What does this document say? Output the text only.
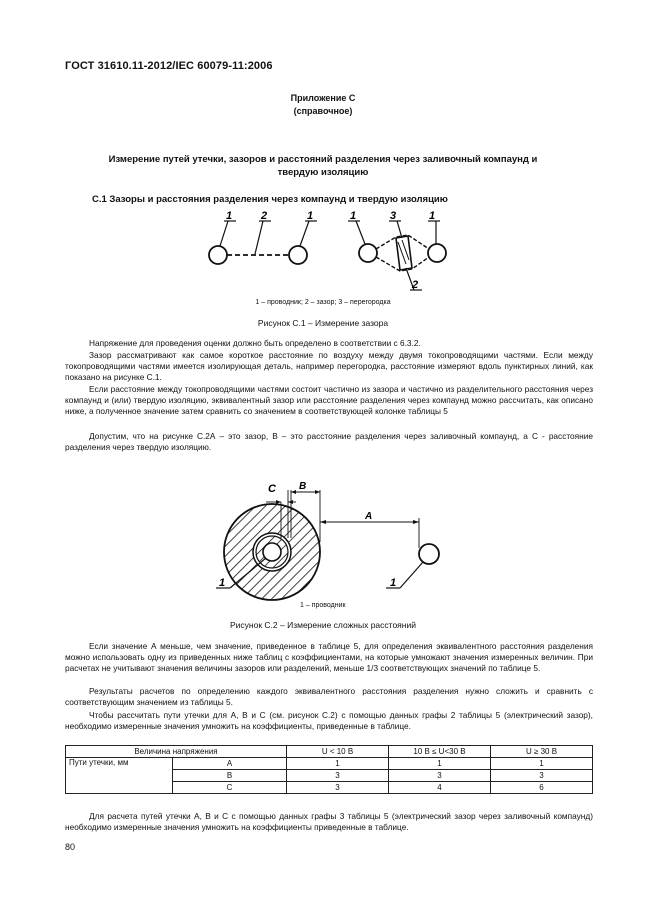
ГОСТ 31610.11-2012/IEC 60079-11:2006
Приложение С
(справочное)
Измерение путей утечки, зазоров и расстояний разделения через заливочный компаунд и
твердую изоляцию
С.1 Зазоры и расстояния разделения через компаунд и твердую изоляцию
1	2	1	1	3	1
2
1 – проводник; 2 – зазор; 3 – перегородка
Рисунок С.1 – Измерение зазора
Напряжение для проведения оценки должно быть определено в соответствии с 6.3.2.
Зазор рассматривают как самое короткое расстояние по воздуху между двумя токопроводящими частями. Если между токопроводящими частями имеется изолирующая деталь, например перегородка, расстояние измеряют вдоль пунктирных линий, как показано на рисунке С.1.
Если расстояние между токопроводящими частями состоит частично из зазора и частично из разделительного расстояния через компаунд и (или) твердую изоляцию, эквивалентный зазор или расстояние разделения через компаунд можно рассчитать, как описано ниже, а полученное значение затем сравнить со значением в соответствующей колонке таблицы 5
Допустим, что на рисунке С.2А – это зазор, В – это расстояние разделения через заливочный компаунд, а С - расстояние разделения через твердую изоляцию.
C B
A
1	1
1 – проводник
Рисунок С.2 – Измерение сложных расстояний
Если значение А меньше, чем значение, приведенное в таблице 5, для определения эквивалентного расстояния разделения можно использовать одну из приведенных ниже таблиц с коэффициентами, на которые умножают значения измеренных величин. При расчетах не учитывают значения величины зазоров или разделений, меньше 1/3 соответствующих значений по таблице 5.
Результаты расчетов по определению каждого эквивалентного расстояния разделения нужно сложить и сравнить с соответствующим значением из таблицы 5.
Чтобы рассчитать пути утечки для А, В и С (см. рисунок С.2) с помощью данных графы 2 таблицы 5 (электрический зазор), необходимо измеренные значения умножить на коэффициенты, приведенные в таблице.
Величина напряжения		U < 10 В	10 В ≤ U<30 В	U ≥ 30 В
Пути утечки, мм	А	1	1	1
	В	3	3	3
	С	3	4	6
Для расчета путей утечки А, В и С с помощью данных графы 3 таблицы 5 (электрический зазор через заливочный компаунд) необходимо измеренные значения умножить на коэффициенты приведенные в таблице.
80
